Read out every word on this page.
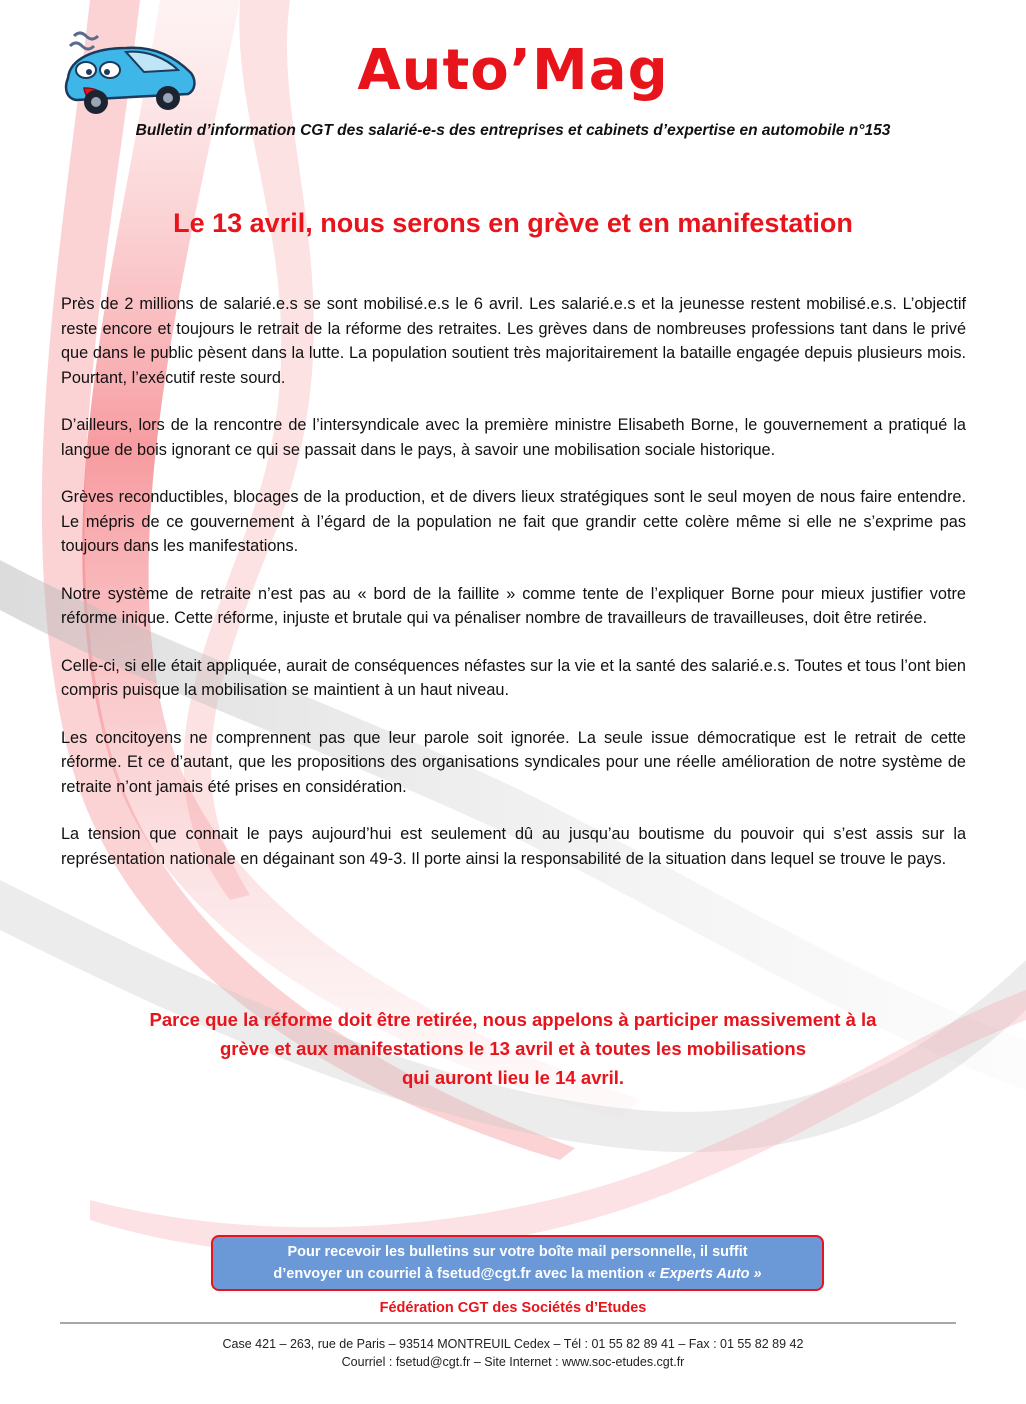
Auto’Mag
Bulletin d’information CGT des salarié-e-s des entreprises et cabinets d’expertise en automobile n°153
Le 13 avril, nous serons en grève et en manifestation

Près de 2 millions de salarié.e.s se sont mobilisé.e.s le 6 avril. Les salarié.e.s et la jeunesse restent mobilisé.e.s. L’objectif reste encore et toujours le retrait de la réforme des retraites. Les grèves dans de nombreuses professions tant dans le privé que dans le public pèsent dans la lutte. La population soutient très majoritairement la bataille engagée depuis plusieurs mois. Pourtant, l’exécutif reste sourd.

D’ailleurs, lors de la rencontre de l’intersyndicale avec la première ministre Elisabeth Borne, le gouvernement a pratiqué la langue de bois ignorant ce qui se passait dans le pays, à savoir une mobilisation sociale historique.

Grèves reconductibles, blocages de la production, et de divers lieux stratégiques sont le seul moyen de nous faire entendre. Le mépris de ce gouvernement à l’égard de la population ne fait que grandir cette colère même si elle ne s’exprime pas toujours dans les manifestations.

Notre système de retraite n’est pas au « bord de la faillite » comme tente de l’expliquer Borne pour mieux justifier votre réforme inique. Cette réforme, injuste et brutale qui va pénaliser nombre de travailleurs de travailleuses, doit être retirée.

Celle-ci, si elle était appliquée, aurait de conséquences néfastes sur la vie et la santé des salarié.e.s. Toutes et tous l’ont bien compris puisque la mobilisation se maintient à un haut niveau.

Les concitoyens ne comprennent pas que leur parole soit ignorée. La seule issue démocratique est le retrait de cette réforme. Et ce d’autant, que les propositions des organisations syndicales pour une réelle amélioration de notre système de retraite n’ont jamais été prises en considération.

La tension que connait le pays aujourd’hui est seulement dû au jusqu’au boutisme du pouvoir qui s’est assis sur la représentation nationale en dégainant son 49-3. Il porte ainsi la responsabilité de la situation dans lequel se trouve le pays.

Parce que la réforme doit être retirée, nous appelons à participer massivement à la
grève et aux manifestations le 13 avril et à toutes les mobilisations
qui auront lieu le 14 avril.
Pour recevoir les bulletins sur votre boîte mail personnelle, il suffit
d’envoyer un courriel à fsetud@cgt.fr avec la mention « Experts Auto »
Fédération CGT des Sociétés d’Etudes
Case 421 – 263, rue de Paris – 93514 MONTREUIL Cedex – Tél : 01 55 82 89 41 – Fax : 01 55 82 89 42
Courriel : fsetud@cgt.fr – Site Internet : www.soc-etudes.cgt.fr
